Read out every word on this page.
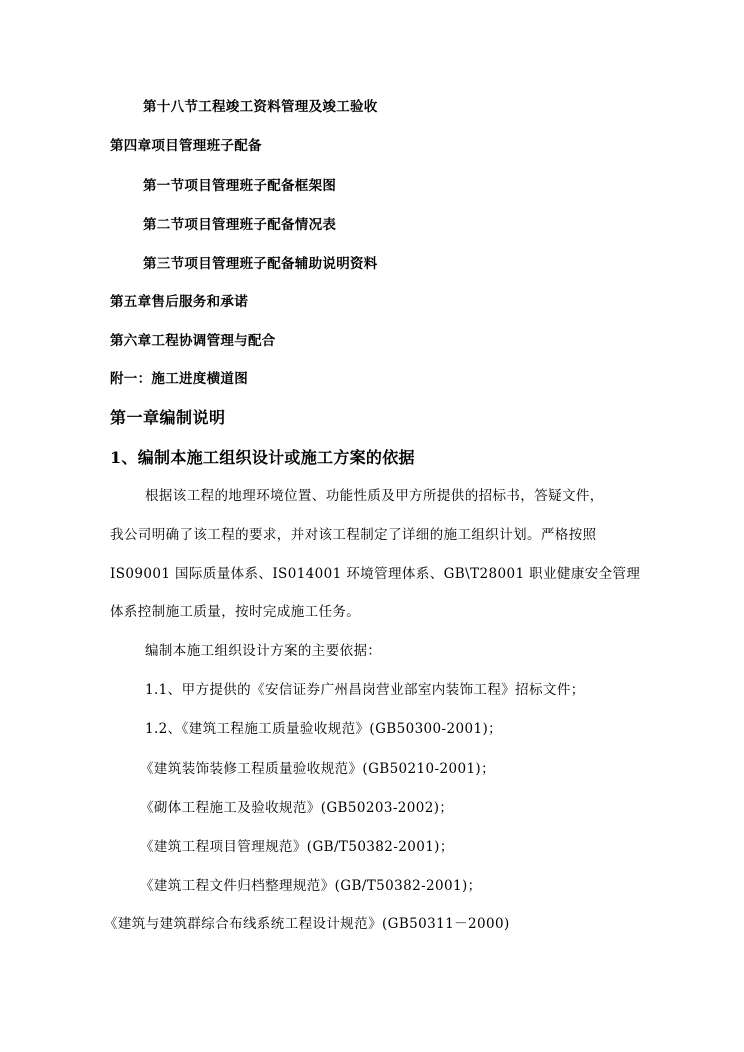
第十八节工程竣工资料管理及竣工验收
第四章项目管理班子配备
第一节项目管理班子配备框架图
第二节项目管理班子配备情况表
第三节项目管理班子配备辅助说明资料
第五章售后服务和承诺
第六章工程协调管理与配合
附一：施工进度横道图
第一章编制说明
1、编制本施工组织设计或施工方案的依据
根据该工程的地理环境位置、功能性质及甲方所提供的招标书，答疑文件，
我公司明确了该工程的要求，并对该工程制定了详细的施工组织计划。严格按照
IS09001 国际质量体系、IS014001 环境管理体系、GB\T28001 职业健康安全管理
体系控制施工质量，按时完成施工任务。
编制本施工组织设计方案的主要依据：
1.1、甲方提供的《安信证券广州昌岗营业部室内装饰工程》招标文件；
1.2、《建筑工程施工质量验收规范》(GB50300-2001)；
《建筑装饰装修工程质量验收规范》(GB50210-2001)；
《砌体工程施工及验收规范》(GB50203-2002)；
《建筑工程项目管理规范》(GB/T50382-2001)；
《建筑工程文件归档整理规范》(GB/T50382-2001)；
《建筑与建筑群综合布线系统工程设计规范》(GB50311－2000)
